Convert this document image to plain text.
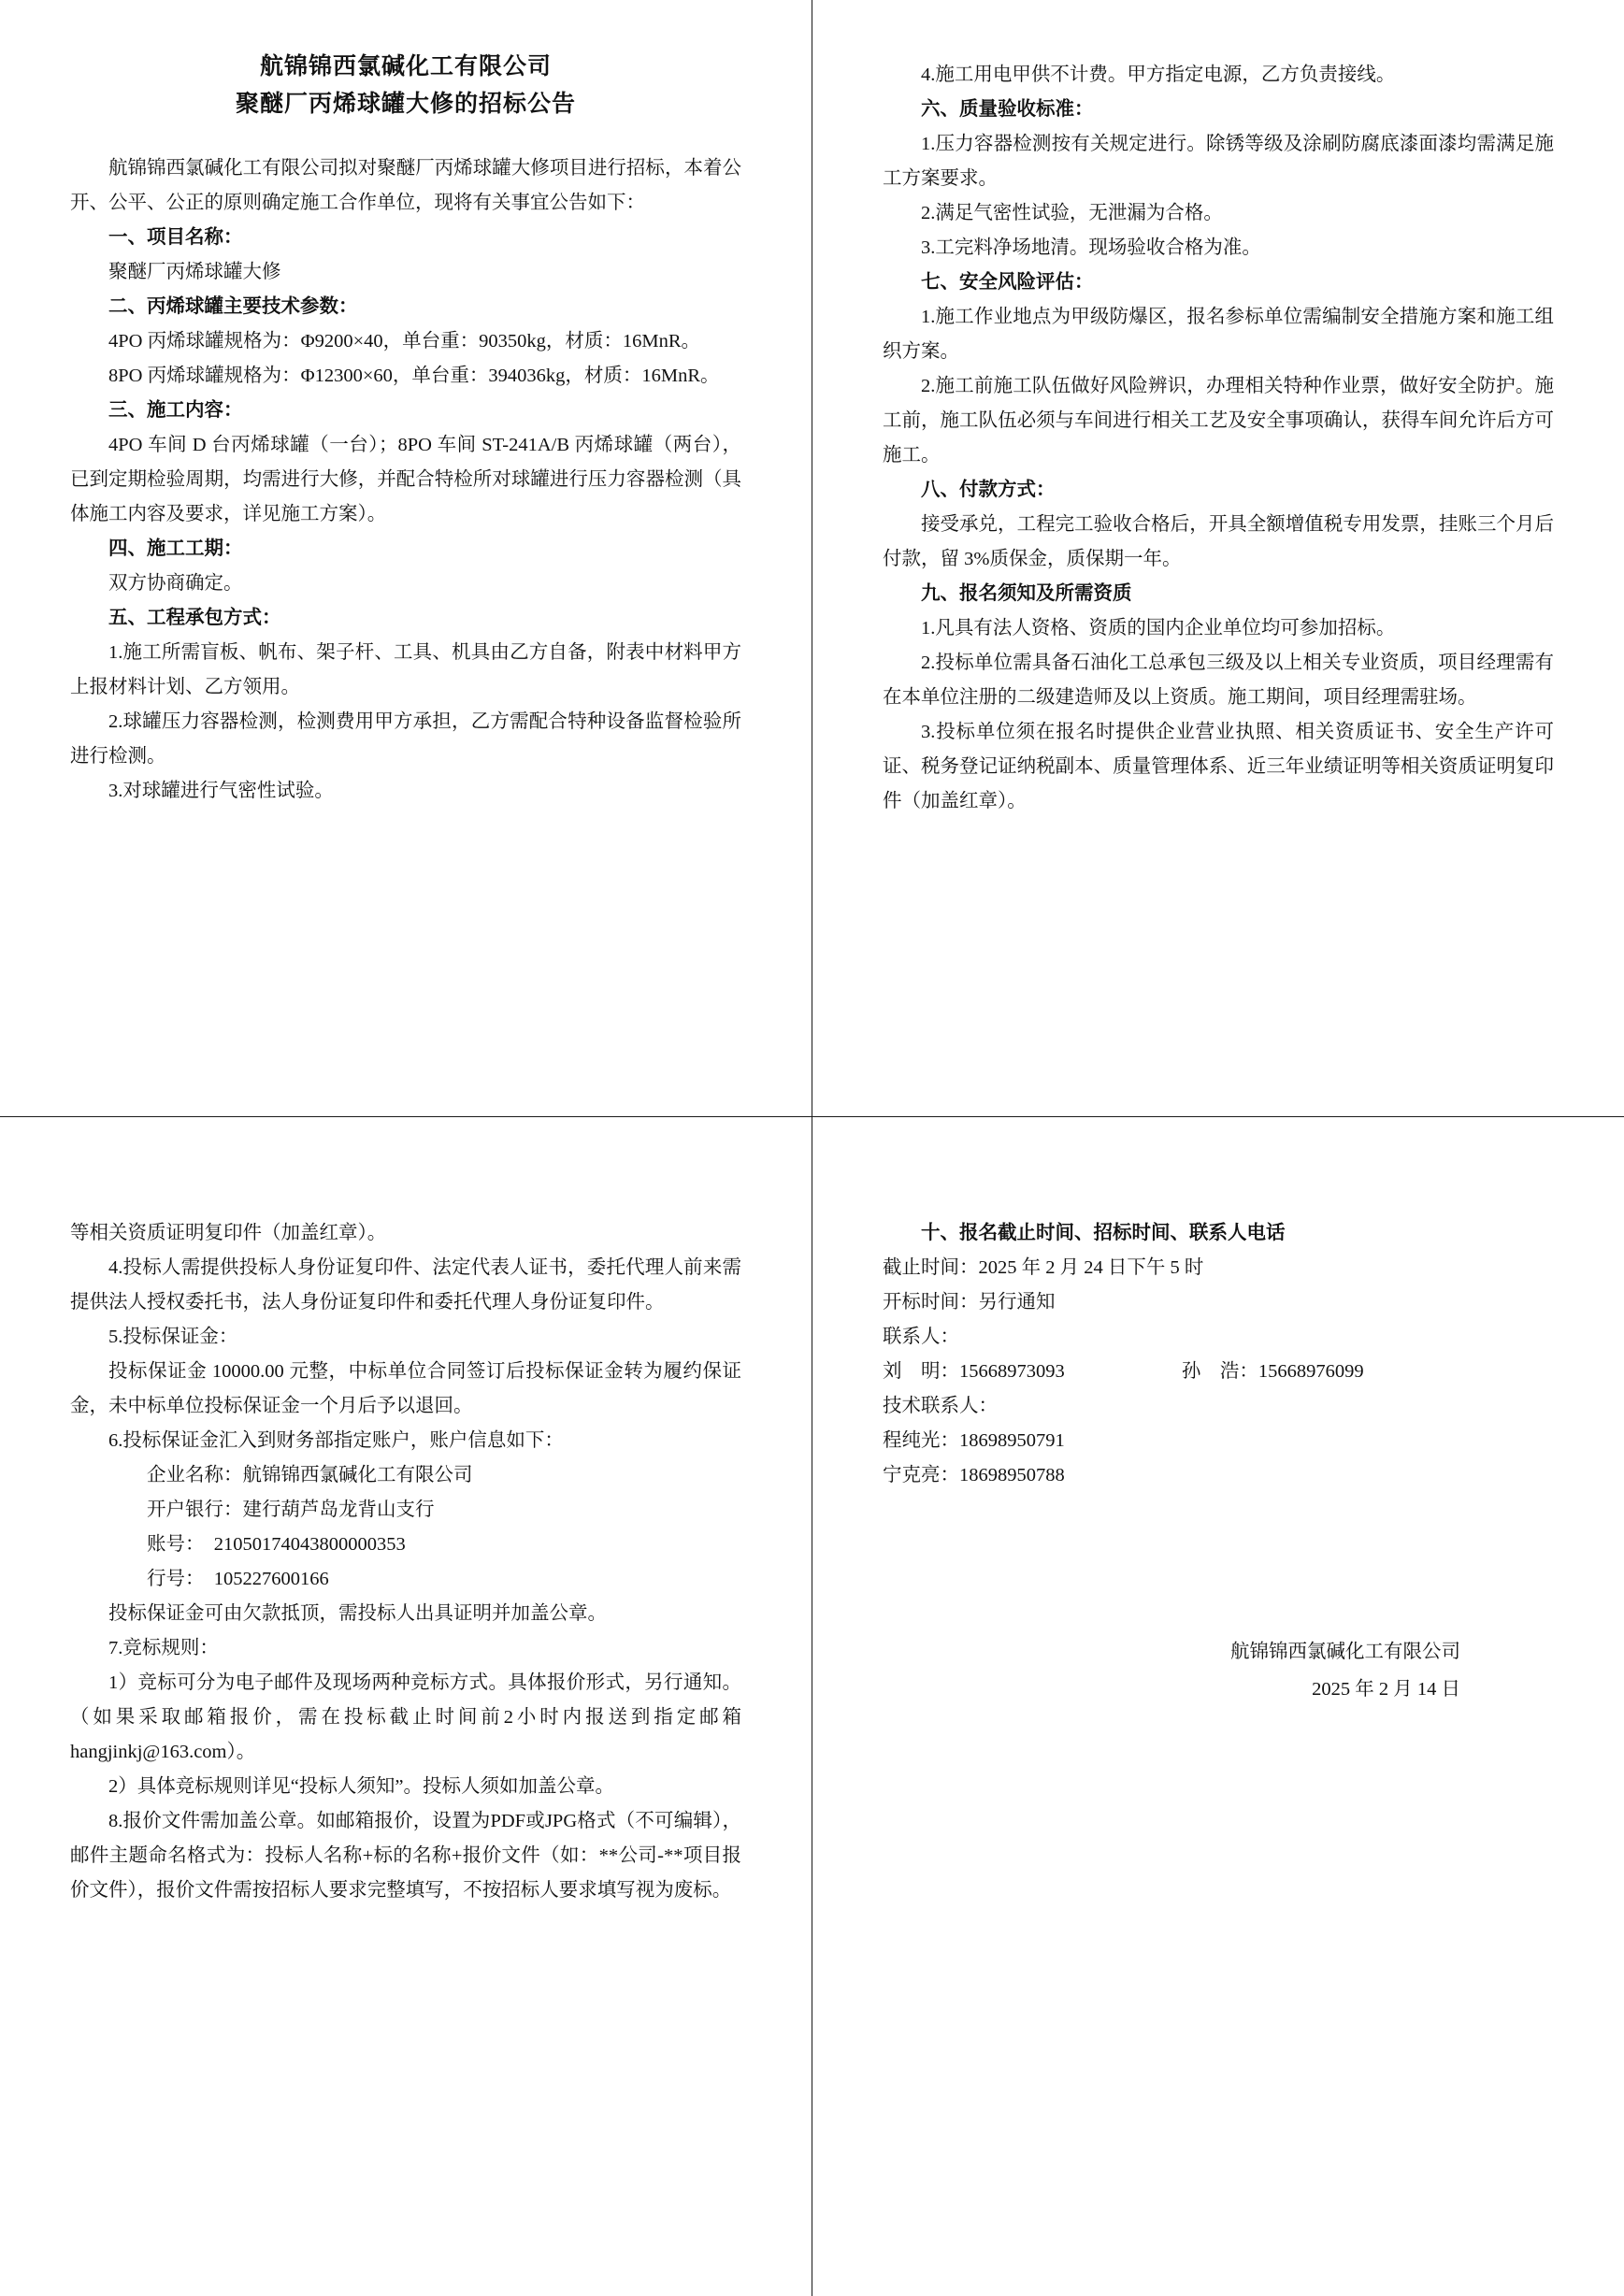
航锦锦西氯碱化工有限公司
聚醚厂丙烯球罐大修的招标公告

航锦锦西氯碱化工有限公司拟对聚醚厂丙烯球罐大修项目进行招标，本着公开、公平、公正的原则确定施工合作单位，现将有关事宜公告如下：

一、项目名称：

聚醚厂丙烯球罐大修

二、丙烯球罐主要技术参数：

4PO 丙烯球罐规格为：Φ9200×40，单台重：90350kg，材质：16MnR。

8PO 丙烯球罐规格为：Φ12300×60，单台重：394036kg，材质：16MnR。

三、施工内容：

4PO 车间 D 台丙烯球罐（一台）；8PO 车间 ST-241A/B 丙烯球罐（两台），已到定期检验周期，均需进行大修，并配合特检所对球罐进行压力容器检测（具体施工内容及要求，详见施工方案）。

四、施工工期：

双方协商确定。

五、工程承包方式：

1.施工所需盲板、帆布、架子杆、工具、机具由乙方自备，附表中材料甲方上报材料计划、乙方领用。

2.球罐压力容器检测，检测费用甲方承担，乙方需配合特种设备监督检验所进行检测。

3.对球罐进行气密性试验。

4.施工用电甲供不计费。甲方指定电源，乙方负责接线。

六、质量验收标准：

1.压力容器检测按有关规定进行。除锈等级及涂刷防腐底漆面漆均需满足施工方案要求。

2.满足气密性试验，无泄漏为合格。

3.工完料净场地清。现场验收合格为准。

七、安全风险评估：

1.施工作业地点为甲级防爆区，报名参标单位需编制安全措施方案和施工组织方案。

2.施工前施工队伍做好风险辨识，办理相关特种作业票，做好安全防护。施工前，施工队伍必须与车间进行相关工艺及安全事项确认，获得车间允许后方可施工。

八、付款方式：

接受承兑，工程完工验收合格后，开具全额增值税专用发票，挂账三个月后付款，留 3%质保金，质保期一年。

九、报名须知及所需资质

1.凡具有法人资格、资质的国内企业单位均可参加招标。

2.投标单位需具备石油化工总承包三级及以上相关专业资质，项目经理需有在本单位注册的二级建造师及以上资质。施工期间，项目经理需驻场。

3.投标单位须在报名时提供企业营业执照、相关资质证书、安全生产许可证、税务登记证纳税副本、质量管理体系、近三年业绩证明等相关资质证明复印件（加盖红章）。

等相关资质证明复印件（加盖红章）。

4.投标人需提供投标人身份证复印件、法定代表人证书，委托代理人前来需提供法人授权委托书，法人身份证复印件和委托代理人身份证复印件。

5.投标保证金：

投标保证金 10000.00 元整，中标单位合同签订后投标保证金转为履约保证金，未中标单位投标保证金一个月后予以退回。

6.投标保证金汇入到财务部指定账户，账户信息如下：

企业名称：航锦锦西氯碱化工有限公司

开户银行：建行葫芦岛龙背山支行

账号： 21050174043800000353

行号： 105227600166

投标保证金可由欠款抵顶，需投标人出具证明并加盖公章。

7.竞标规则：

1）竞标可分为电子邮件及现场两种竞标方式。具体报价形式，另行通知。（如果采取邮箱报价，需在投标截止时间前2小时内报送到指定邮箱hangjinkj@163.com）。

2）具体竞标规则详见“投标人须知”。投标人须如加盖公章。

8.报价文件需加盖公章。如邮箱报价，设置为PDF或JPG格式（不可编辑），邮件主题命名格式为：投标人名称+标的名称+报价文件（如：**公司-**项目报价文件），报价文件需按招标人要求完整填写，不按招标人要求填写视为废标。

十、报名截止时间、招标时间、联系人电话

截止时间：2025 年 2 月 24 日下午 5 时

开标时间：另行通知

联系人：

刘　明：15668973093	孙　浩：15668976099

技术联系人：

程纯光：18698950791

宁克亮：18698950788

航锦锦西氯碱化工有限公司
2025 年 2 月 14 日
